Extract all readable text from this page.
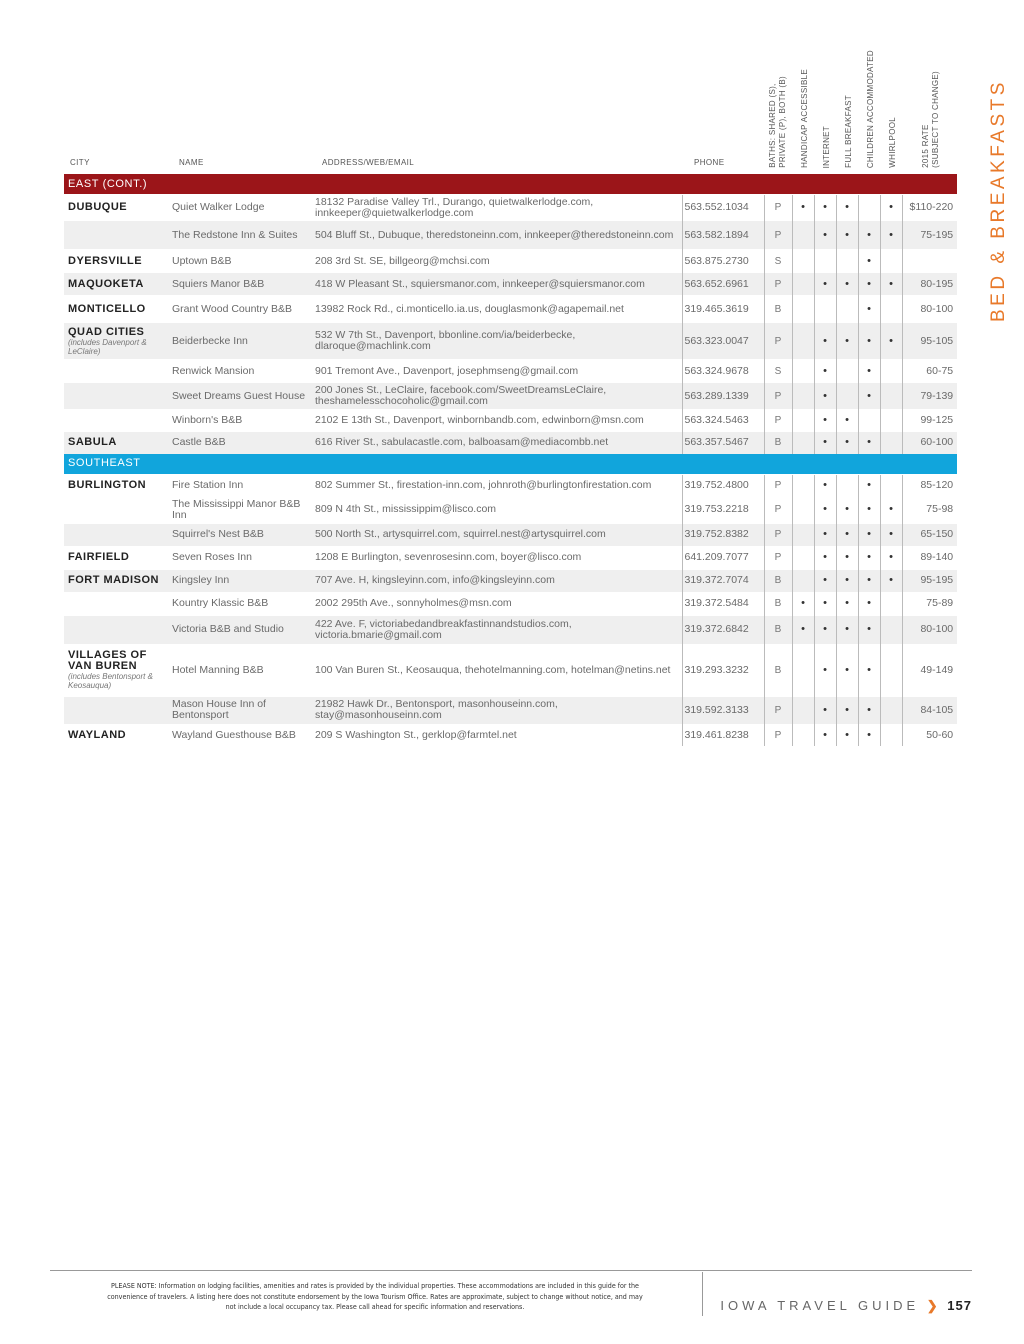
BED & BREAKFASTS
CITY	NAME	ADDRESS/WEB/EMAIL	PHONE	BATHS: SHARED (S),
PRIVATE (P), BOTH (B) HANDICAP ACCESSIBLE INTERNET FULL BREAKFAST CHILDREN ACCOMMODATED WHIRLPOOL	2015 RATE
(SUBJECT TO CHANGE)
EAST (CONT.)										
DUBUQUE	Quiet Walker Lodge	18132 Paradise Valley Trl., Durango, quietwalkerlodge.com, innkeeper@quietwalkerlodge.com	563.552.1034	P	•	•	•		•	$110-220
	The Redstone Inn & Suites	504 Bluff St., Dubuque, theredstoneinn.com, innkeeper@theredstoneinn.com	563.582.1894	P		•	•	•	•	75-195
DYERSVILLE	Uptown B&B	208 3rd St. SE, billgeorg@mchsi.com	563.875.2730	S				•		
MAQUOKETA	Squiers Manor B&B	418 W Pleasant St., squiersmanor.com, innkeeper@squiersmanor.com	563.652.6961	P		•	•	•	•	80-195
MONTICELLO	Grant Wood Country B&B	13982 Rock Rd., ci.monticello.ia.us, douglasmonk@agapemail.net	319.465.3619	B				•		80-100
QUAD CITIES
(includes Davenport & LeClaire)	Beiderbecke Inn	532 W 7th St., Davenport, bbonline.com/ia/beiderbecke, dlaroque@machlink.com	563.323.0047	P		•	•	•	•	95-105
	Renwick Mansion	901 Tremont Ave., Davenport, josephmseng@gmail.com	563.324.9678	S		•		•		60-75
	Sweet Dreams Guest House	200 Jones St., LeClaire, facebook.com/SweetDreamsLeClaire, theshamelesschocoholic@gmail.com	563.289.1339	P		•		•		79-139
	Winborn's B&B	2102 E 13th St., Davenport, winbornbandb.com, edwinborn@msn.com	563.324.5463	P		•	•			99-125
SABULA	Castle B&B	616 River St., sabulacastle.com, balboasam@mediacombb.net	563.357.5467	B		•	•	•		60-100
SOUTHEAST										
BURLINGTON	Fire Station Inn	802 Summer St., firestation-inn.com, johnroth@burlingtonfirestation.com	319.752.4800	P		•		•		85-120
	The Mississippi Manor B&B Inn	809 N 4th St., mississippim@lisco.com	319.753.2218	P		•	•	•	•	75-98
	Squirrel's Nest B&B	500 North St., artysquirrel.com, squirrel.nest@artysquirrel.com	319.752.8382	P		•	•	•	•	65-150
FAIRFIELD	Seven Roses Inn	1208 E Burlington, sevenrosesinn.com, boyer@lisco.com	641.209.7077	P		•	•	•	•	89-140
FORT MADISON	Kingsley Inn	707 Ave. H, kingsleyinn.com, info@kingsleyinn.com	319.372.7074	B		•	•	•	•	95-195
	Kountry Klassic B&B	2002 295th Ave., sonnyholmes@msn.com	319.372.5484	B	•	•	•	•		75-89
	Victoria B&B and Studio	422 Ave. F, victoriabedandbreakfastinnandstudios.com, victoria.bmarie@gmail.com	319.372.6842	B	•	•	•	•		80-100
VILLAGES OF VAN BUREN
(includes Bentonsport & Keosauqua)	Hotel Manning B&B	100 Van Buren St., Keosauqua, thehotelmanning.com, hotelman@netins.net	319.293.3232	B		•	•	•		49-149
	Mason House Inn of Bentonsport	21982 Hawk Dr., Bentonsport, masonhouseinn.com, stay@masonhouseinn.com	319.592.3133	P		•	•	•		84-105
WAYLAND	Wayland Guesthouse B&B	209 S Washington St., gerklop@farmtel.net	319.461.8238	P		•	•	•		50-60
PLEASE NOTE: Information on lodging facilities, amenities and rates is provided by the individual properties. These accommodations are included in this guide for the convenience of travelers. A listing here does not constitute endorsement by the Iowa Tourism Office. Rates are approximate, subject to change without notice, and may not include a local occupancy tax. Please call ahead for specific information and reservations.	IOWA TRAVEL GUIDE ❯ 157
